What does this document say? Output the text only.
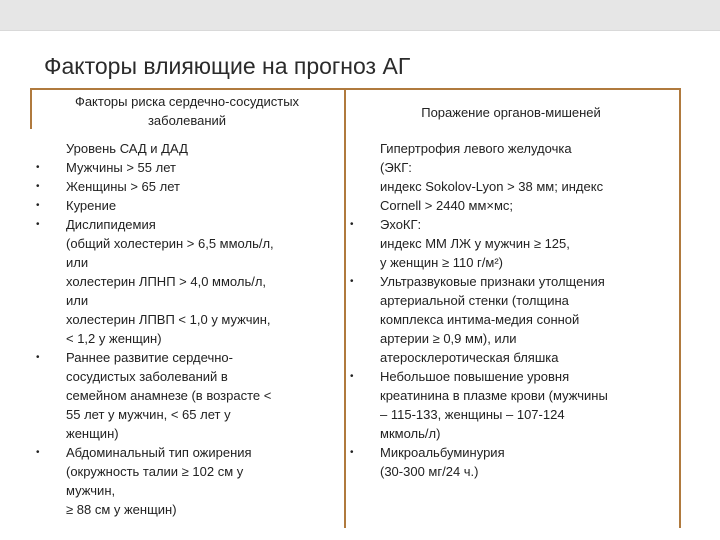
Факторы влияющие на прогноз АГ
Факторы риска сердечно-сосудистых
заболеваний
Поражение органов-мишеней
Уровень САД и ДАД
• Мужчины > 55 лет
• Женщины > 65 лет
• Курение
• Дислипидемия
(общий холестерин > 6,5 ммоль/л,
или
холестерин ЛПНП > 4,0 ммоль/л,
или
холестерин ЛПВП < 1,0 у мужчин,
< 1,2 у женщин)
• Раннее развитие сердечно-
сосудистых заболеваний в
семейном анамнезе (в возрасте <
55 лет у мужчин, < 65 лет у
женщин)
• Абдоминальный тип ожирения
(окружность талии ≥ 102 см у
мужчин,
≥ 88 см у женщин)
Гипертрофия левого желудочка
(ЭКГ:
индекс Sokolov-Lyon > 38 мм; индекс
Cornell > 2440 мм×мс;
• ЭхоКГ:
индекс ММ ЛЖ у мужчин ≥ 125,
у женщин ≥ 110 г/м²)
• Ультразвуковые признаки утолщения
артериальной стенки (толщина
комплекса интима-медия сонной
артерии ≥ 0,9 мм), или
атеросклеротическая бляшка
• Небольшое повышение уровня
креатинина в плазме крови (мужчины
– 115-133, женщины – 107-124
мкмоль/л)
• Микроальбуминурия
(30-300 мг/24 ч.)
